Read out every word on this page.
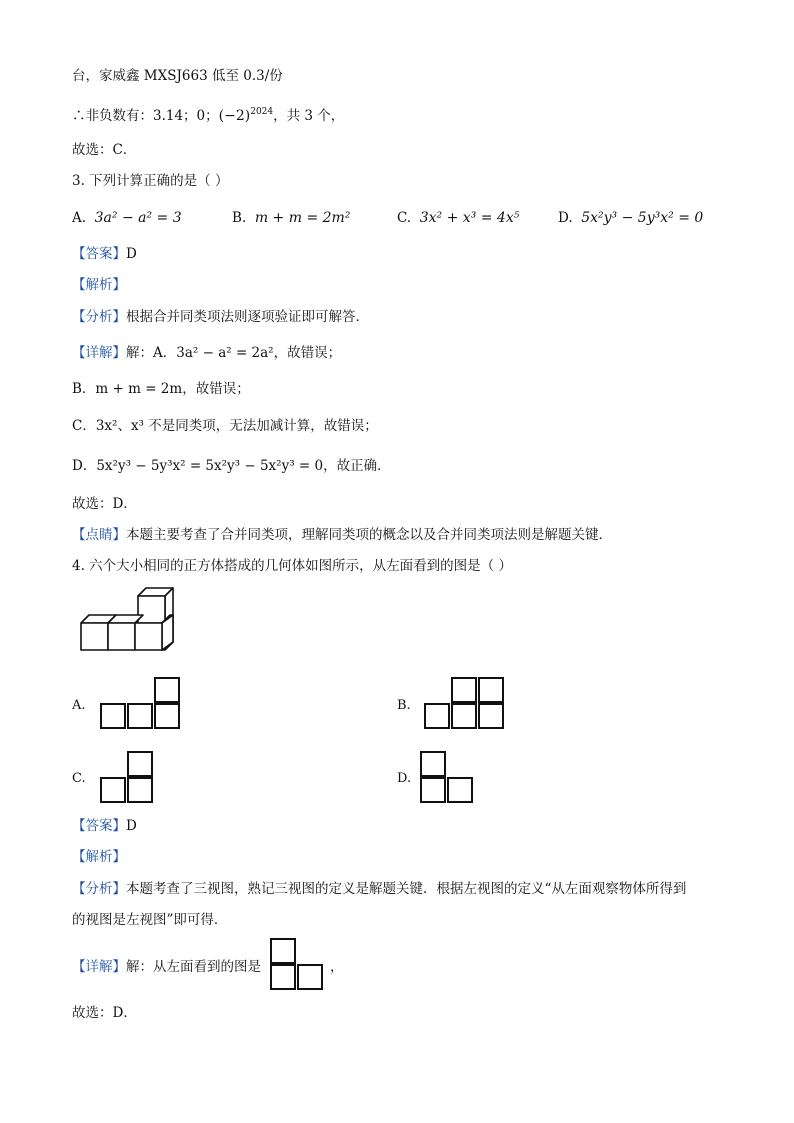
台，家威鑫 MXSJ663 低至 0.3/份
∴非负数有：3.14；0；$(-2)^{2024}$，共 3 个，
故选：C．
3. 下列计算正确的是（ ）
A. 3a² − a² = 3	B. m + m = 2m²	C. 3x² + x³ = 4x⁵	D. 5x²y³ − 5y³x² = 0
【答案】D
【解析】
【分析】根据合并同类项法则逐项验证即可解答．
【详解】解：A．3a² − a² = 2a²，故错误；
B．m + m = 2m，故错误；
C．3x²、x³ 不是同类项，无法加减计算，故错误；
D．5x²y³ − 5y³x² = 5x²y³ − 5x²y³ = 0，故正确．
故选：D．
【点睛】本题主要考查了合并同类项，理解同类项的概念以及合并同类项法则是解题关键．
4. 六个大小相同的正方体搭成的几何体如图所示，从左面看到的图是（ ）
A.	B.
C.	D.
【答案】D
【解析】
【分析】本题考查了三视图，熟记三视图的定义是解题关键．根据左视图的定义“从左面观察物体所得到
的视图是左视图”即可得．
【详解】解：从左面看到的图是	，
故选：D．
